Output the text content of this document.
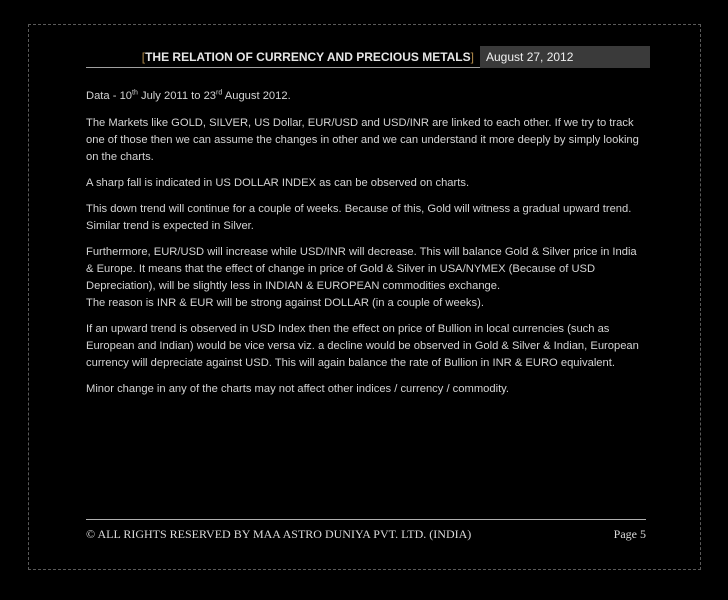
[THE RELATION OF CURRENCY AND PRECIOUS METALS]	August 27, 2012

Data - 10th July 2011 to 23rd August 2012.

The Markets like GOLD, SILVER, US Dollar, EUR/USD and USD/INR are linked to each other. If we try to track one of those then we can assume the changes in other and we can understand it more deeply by simply looking on the charts.

A sharp fall is indicated in US DOLLAR INDEX as can be observed on charts.

This down trend will continue for a couple of weeks. Because of this, Gold will witness a gradual upward trend. Similar trend is expected in Silver.

Furthermore, EUR/USD will increase while USD/INR will decrease. This will balance Gold & Silver price in India & Europe. It means that the effect of change in price of Gold & Silver in USA/NYMEX (Because of USD Depreciation), will be slightly less in INDIAN & EUROPEAN commodities exchange.
The reason is INR & EUR will be strong against DOLLAR (in a couple of weeks).

If an upward trend is observed in USD Index then the effect on price of Bullion in local currencies (such as European and Indian) would be vice versa viz. a decline would be observed in Gold & Silver & Indian, European currency will depreciate against USD. This will again balance the rate of Bullion in INR & EURO equivalent.

Minor change in any of the charts may not affect other indices / currency / commodity.

© ALL RIGHTS RESERVED BY MAA ASTRO DUNIYA PVT. LTD. (INDIA)	Page 5
